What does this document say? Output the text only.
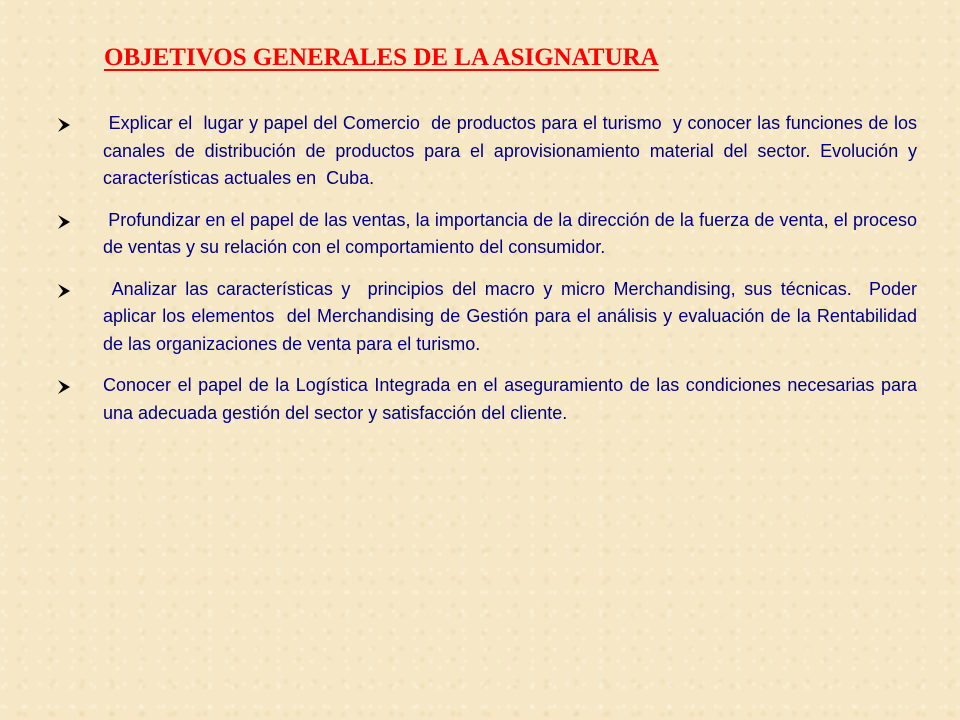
OBJETIVOS GENERALES DE LA ASIGNATURA
Explicar el  lugar y papel del Comercio  de productos para el turismo  y conocer las funciones de los canales de distribución de productos para el aprovisionamiento material del sector. Evolución y  características actuales en  Cuba.
Profundizar en el papel de las ventas, la importancia de la dirección de la fuerza de venta, el proceso de ventas y su relación con el comportamiento del consumidor.
Analizar las características y  principios del macro y micro Merchandising, sus técnicas.  Poder aplicar los elementos  del Merchandising de Gestión para el análisis y evaluación de la Rentabilidad de las organizaciones de venta para el turismo.
Conocer el papel de la Logística Integrada en el aseguramiento de las condiciones necesarias para una adecuada gestión del sector y satisfacción del cliente.
